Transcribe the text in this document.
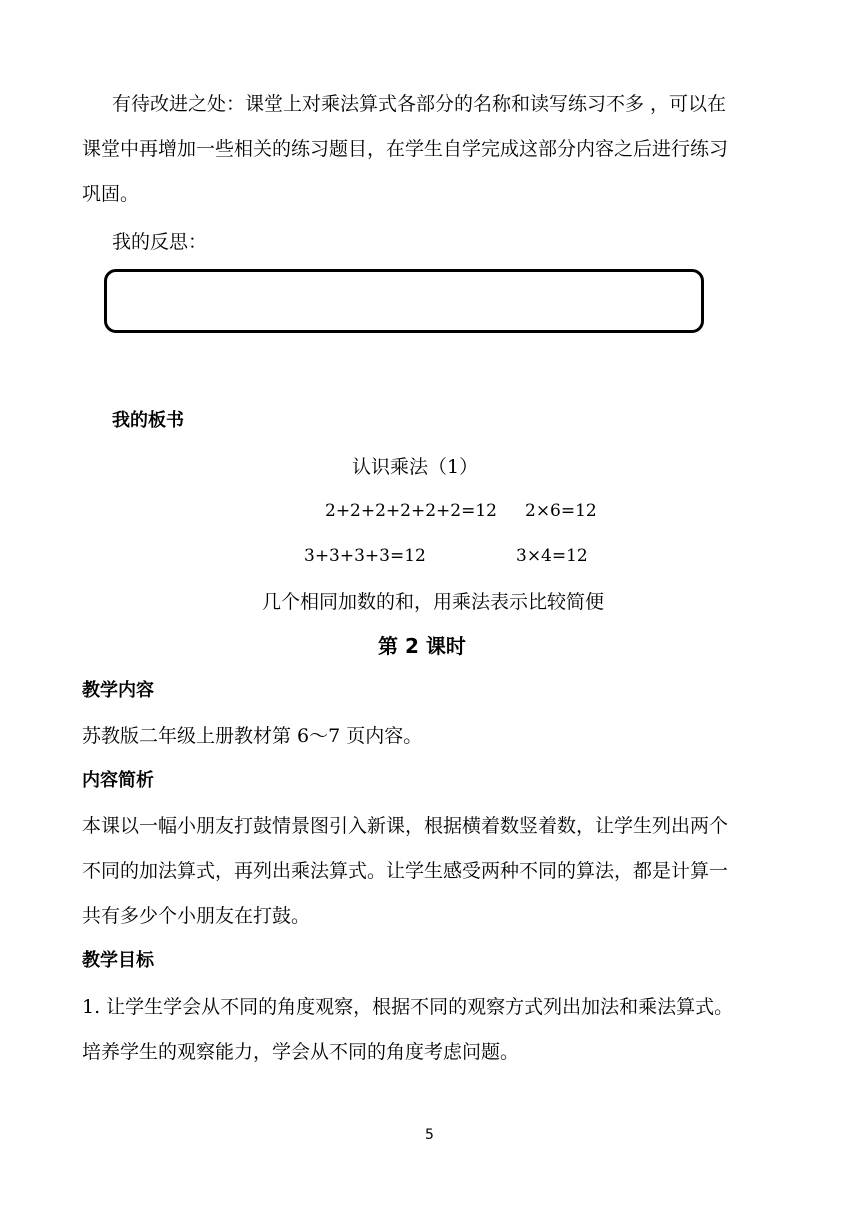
有待改进之处：课堂上对乘法算式各部分的名称和读写练习不多 ，可以在
课堂中再增加一些相关的练习题目，在学生自学完成这部分内容之后进行练习
巩固。
我的反思：
我的板书
认识乘法（1）
2+2+2+2+2+2=12 2×6=12
3+3+3+3=12	3×4=12
几个相同加数的和，用乘法表示比较简便
第 2 课时
教学内容
苏教版二年级上册教材第 6～7 页内容。
内容简析
本课以一幅小朋友打鼓情景图引入新课，根据横着数竖着数，让学生列出两个
不同的加法算式，再列出乘法算式。让学生感受两种不同的算法，都是计算一
共有多少个小朋友在打鼓。
教学目标
1. 让学生学会从不同的角度观察，根据不同的观察方式列出加法和乘法算式。
培养学生的观察能力，学会从不同的角度考虑问题。
5
